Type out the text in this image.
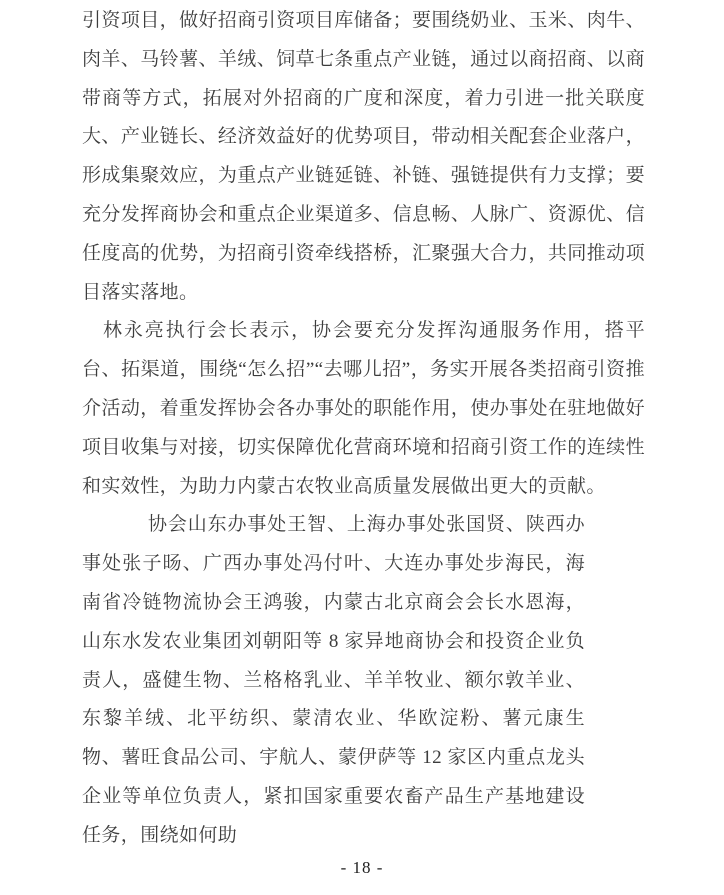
引资项目，做好招商引资项目库储备；要围绕奶业、玉米、肉牛、肉羊、马铃薯、羊绒、饲草七条重点产业链，通过以商招商、以商带商等方式，拓展对外招商的广度和深度，着力引进一批关联度大、产业链长、经济效益好的优势项目，带动相关配套企业落户，形成集聚效应，为重点产业链延链、补链、强链提供有力支撑；要充分发挥商协会和重点企业渠道多、信息畅、人脉广、资源优、信任度高的优势，为招商引资牵线搭桥，汇聚强大合力，共同推动项目落实落地。

林永亮执行会长表示，协会要充分发挥沟通服务作用，搭平台、拓渠道，围绕“怎么招”“去哪儿招”，务实开展各类招商引资推介活动，着重发挥协会各办事处的职能作用，使办事处在驻地做好项目收集与对接，切实保障优化营商环境和招商引资工作的连续性和实效性，为助力内蒙古农牧业高质量发展做出更大的贡献。

协会山东办事处王智、上海办事处张国贤、陕西办事处张子旸、广西办事处冯付叶、大连办事处步海民，海南省冷链物流协会王鸿骏，内蒙古北京商会会长水恩海，山东水发农业集团刘朝阳等 8 家异地商协会和投资企业负责人，盛健生物、兰格格乳业、羊羊牧业、额尔敦羊业、东黎羊绒、北平纺织、蒙清农业、华欧淀粉、薯元康生物、薯旺食品公司、宇航人、蒙伊萨等 12 家区内重点龙头企业等单位负责人，紧扣国家重要农畜产品生产基地建设任务，围绕如何助

- 18 -
